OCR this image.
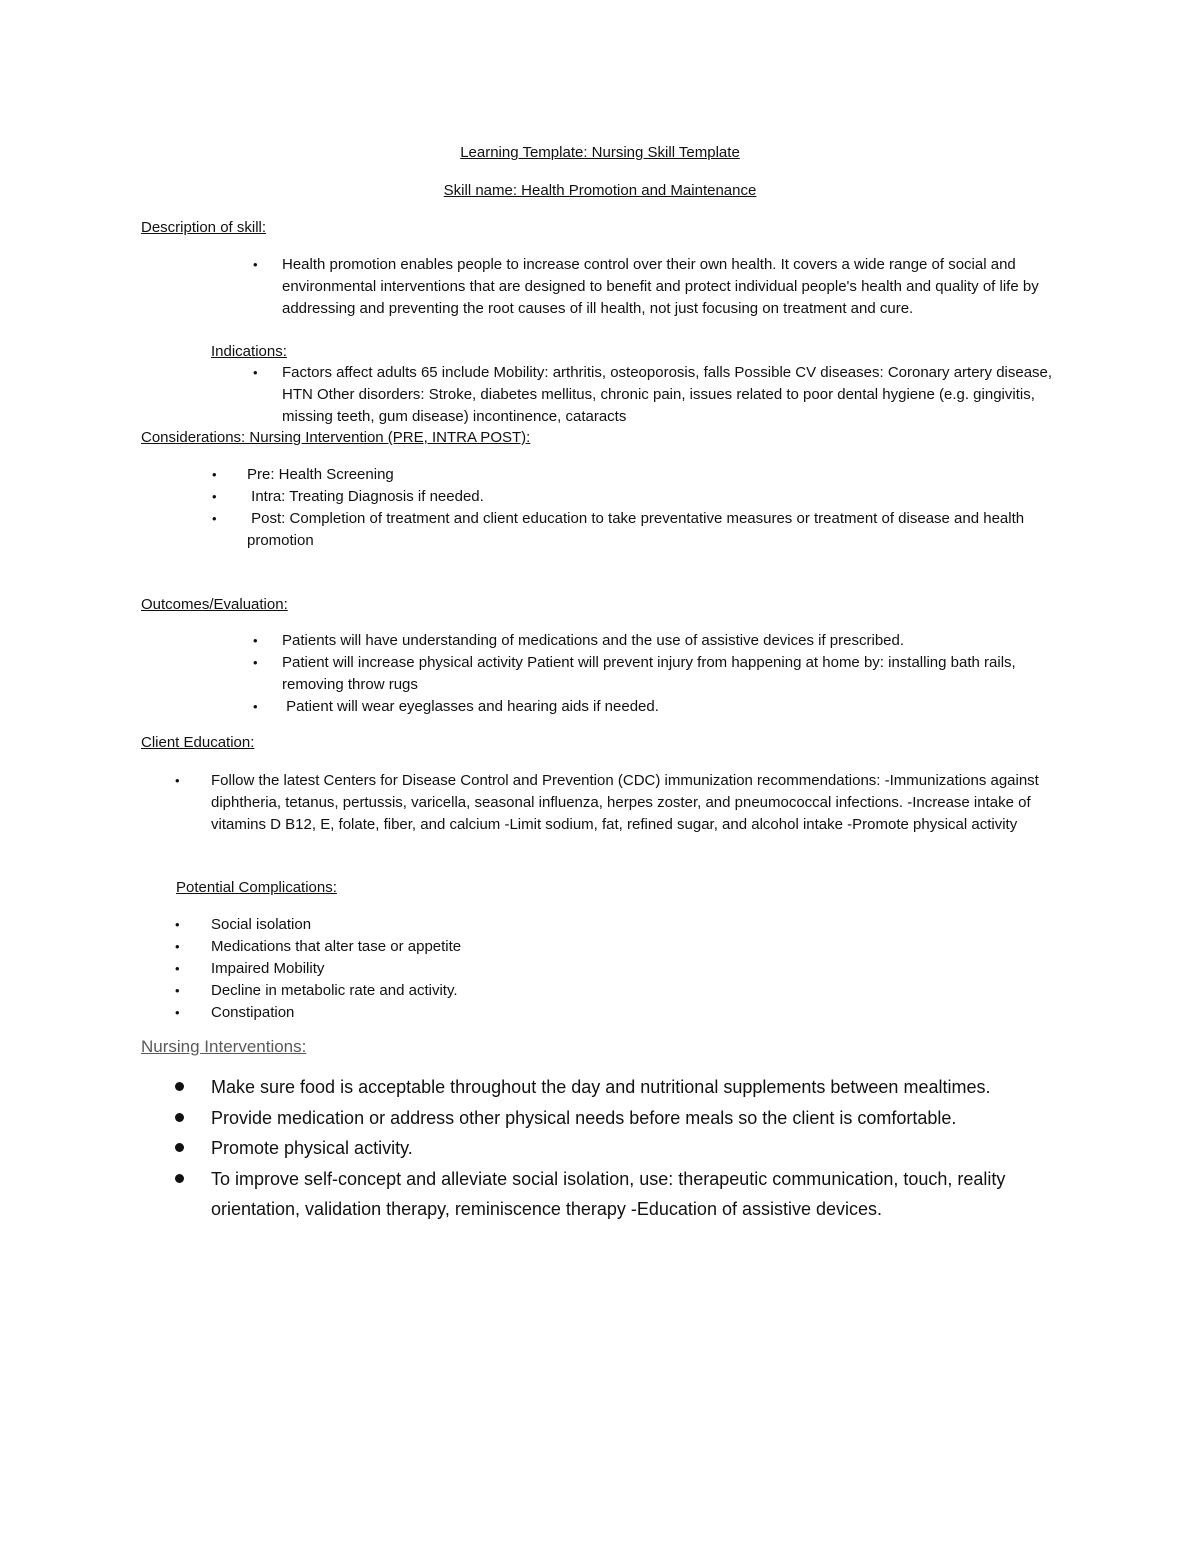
Learning Template: Nursing Skill Template
Skill name: Health Promotion and Maintenance
Description of skill:
• Health promotion enables people to increase control over their own health. It covers a wide range of social and environmental interventions that are designed to benefit and protect individual people's health and quality of life by addressing and preventing the root causes of ill health, not just focusing on treatment and cure.
Indications:
• Factors affect adults 65 include Mobility: arthritis, osteoporosis, falls Possible CV diseases: Coronary artery disease, HTN Other disorders: Stroke, diabetes mellitus, chronic pain, issues related to poor dental hygiene (e.g. gingivitis, missing teeth, gum disease) incontinence, cataracts
Considerations: Nursing Intervention (PRE, INTRA POST):
• Pre: Health Screening
• Intra: Treating Diagnosis if needed.
• Post: Completion of treatment and client education to take preventative measures or treatment of disease and health promotion
Outcomes/Evaluation:
• Patients will have understanding of medications and the use of assistive devices if prescribed.
• Patient will increase physical activity Patient will prevent injury from happening at home by: installing bath rails, removing throw rugs
• Patient will wear eyeglasses and hearing aids if needed.
Client Education:
• Follow the latest Centers for Disease Control and Prevention (CDC) immunization recommendations: -Immunizations against diphtheria, tetanus, pertussis, varicella, seasonal influenza, herpes zoster, and pneumococcal infections. -Increase intake of vitamins D B12, E, folate, fiber, and calcium -Limit sodium, fat, refined sugar, and alcohol intake -Promote physical activity
Potential Complications:
• Social isolation
• Medications that alter tase or appetite
• Impaired Mobility
• Decline in metabolic rate and activity.
• Constipation
Nursing Interventions:
Make sure food is acceptable throughout the day and nutritional supplements between mealtimes.
Provide medication or address other physical needs before meals so the client is comfortable.
Promote physical activity.
To improve self-concept and alleviate social isolation, use: therapeutic communication, touch, reality orientation, validation therapy, reminiscence therapy -Education of assistive devices.
